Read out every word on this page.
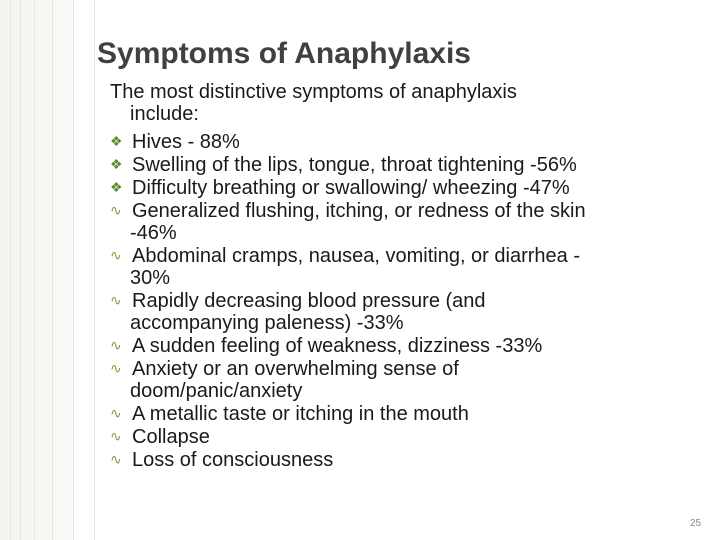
Symptoms of Anaphylaxis
The most distinctive symptoms of anaphylaxis
include:
❖ Hives - 88%
❖ Swelling of the lips, tongue, throat tightening -56%
❖ Difficulty breathing or swallowing/ wheezing -47%
∿ Generalized flushing, itching, or redness of the skin
-46%
∿ Abdominal cramps, nausea, vomiting, or diarrhea -
30%
∿ Rapidly decreasing blood pressure (and
accompanying paleness) -33%
∿ A sudden feeling of weakness, dizziness -33%
∿ Anxiety or an overwhelming sense of
doom/panic/anxiety
∿ A metallic taste or itching in the mouth
∿ Collapse
∿ Loss of consciousness
25
